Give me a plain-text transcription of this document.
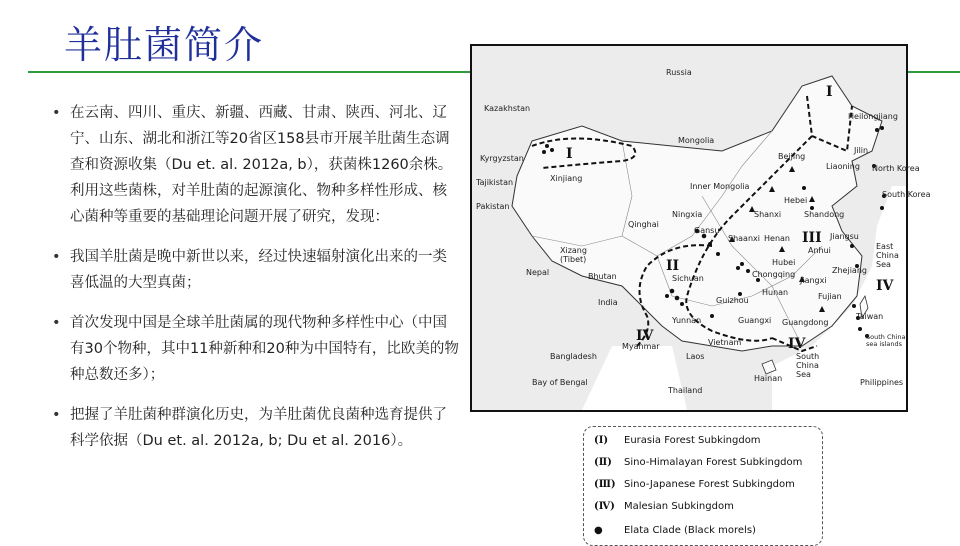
羊肚菌简介
• 在云南、四川、重庆、新疆、西藏、甘肃、陕西、河北、辽宁、山东、湖北和浙江等20省区158县市开展羊肚菌生态调查和资源收集（Du et. al. 2012a, b），获菌株1260余株。利用这些菌株，对羊肚菌的起源演化、物种多样性形成、核心菌种等重要的基础理论问题开展了研究，发现：
• 我国羊肚菌是晚中新世以来，经过快速辐射演化出来的一类喜低温的大型真菌；
• 首次发现中国是全球羊肚菌属的现代物种多样性中心（中国有30个物种，其中11种新种和20种为中国特有，比欧美的物种总数还多）；
• 把握了羊肚菌种群演化历史，为羊肚菌优良菌种选育提供了科学依据（Du et. al. 2012a, b; Du et al. 2016）。
Russia
Kazakhstan
Mongolia
Kyrgyzstan
Tajikistan
Pakistan
Xinjiang
Inner Mongolia
Heilongjiang
Jilin
Liaoning North Korea
South Korea
Beijing
Hebei
Shandong
Shanxi
Ningxia
Gansu
Qinghai
Shaanxi Henan	Jiangsu
Anhui	East China Sea
Xizang (Tibet)
Nepal	Bhutan
India
Sichuan	Chongqing
Hubei
Hunan
Jiangxi
Zhejiang
Guizhou	Fujian
Taiwan
Yunnan	Guangxi Guangdong
Myanmar	Vietnam
Laos
Bangladesh
Bay of Bengal
Thailand
Hainan
South China Sea
South China sea islands
Philippines
I
I
II
III
IV
IV	IV
(Ⅰ) Eurasia Forest Subkingdom
(Ⅱ) Sino-Himalayan Forest Subkingdom
(Ⅲ) Sino-Japanese Forest Subkingdom
(Ⅳ) Malesian Subkingdom
● Elata Clade (Black morels)
